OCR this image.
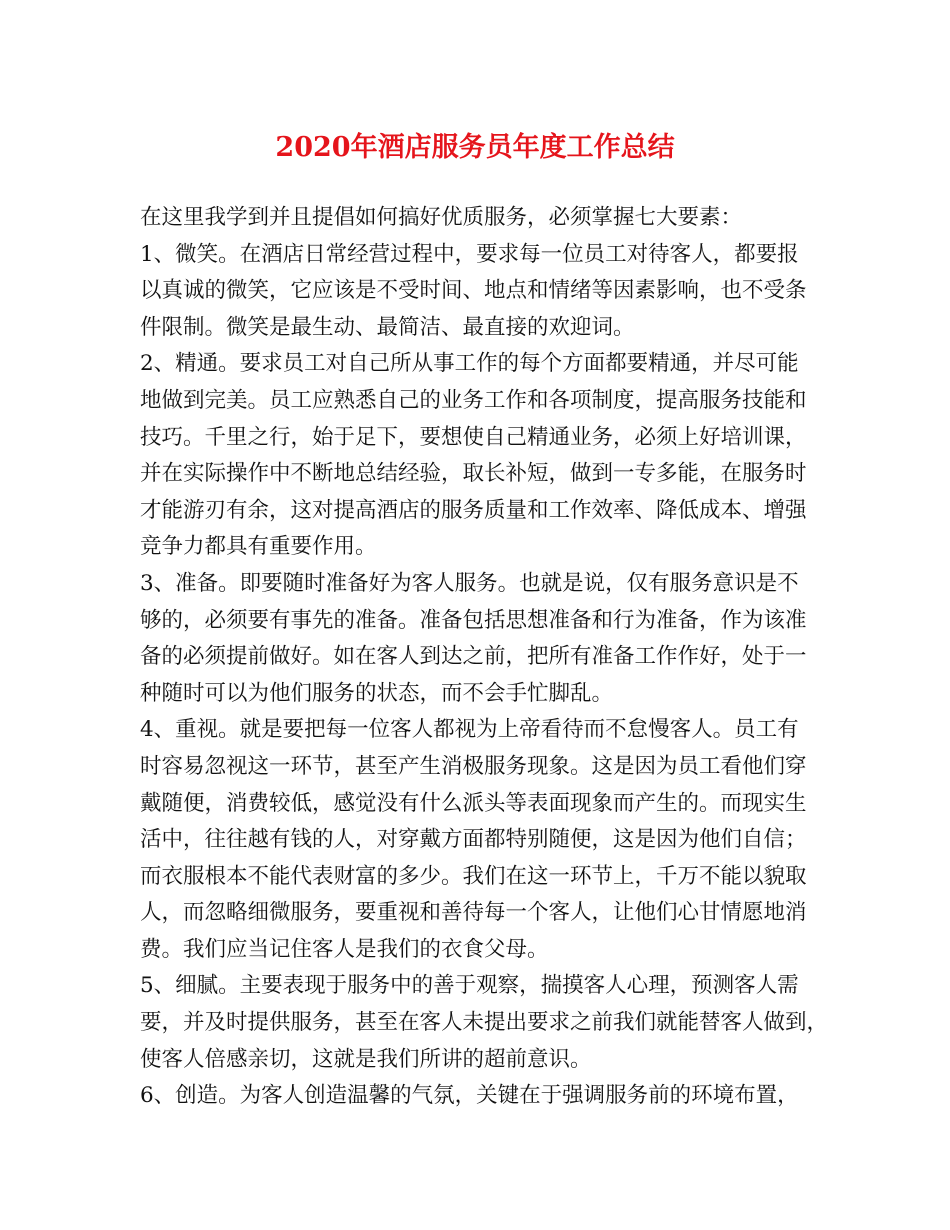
2020年酒店服务员年度工作总结
在这里我学到并且提倡如何搞好优质服务，必须掌握七大要素：
1、微笑。在酒店日常经营过程中，要求每一位员工对待客人，都要报
以真诚的微笑，它应该是不受时间、地点和情绪等因素影响，也不受条
件限制。微笑是最生动、最简洁、最直接的欢迎词。
2、精通。要求员工对自己所从事工作的每个方面都要精通，并尽可能
地做到完美。员工应熟悉自己的业务工作和各项制度，提高服务技能和
技巧。千里之行，始于足下，要想使自己精通业务，必须上好培训课，
并在实际操作中不断地总结经验，取长补短，做到一专多能，在服务时
才能游刃有余，这对提高酒店的服务质量和工作效率、降低成本、增强
竞争力都具有重要作用。
3、准备。即要随时准备好为客人服务。也就是说，仅有服务意识是不
够的，必须要有事先的准备。准备包括思想准备和行为准备，作为该准
备的必须提前做好。如在客人到达之前，把所有准备工作作好，处于一
种随时可以为他们服务的状态，而不会手忙脚乱。
4、重视。就是要把每一位客人都视为上帝看待而不怠慢客人。员工有
时容易忽视这一环节，甚至产生消极服务现象。这是因为员工看他们穿
戴随便，消费较低，感觉没有什么派头等表面现象而产生的。而现实生
活中，往往越有钱的人，对穿戴方面都特别随便，这是因为他们自信；
而衣服根本不能代表财富的多少。我们在这一环节上，千万不能以貌取
人，而忽略细微服务，要重视和善待每一个客人，让他们心甘情愿地消
费。我们应当记住客人是我们的衣食父母。
5、细腻。主要表现于服务中的善于观察，揣摸客人心理，预测客人需
要，并及时提供服务，甚至在客人未提出要求之前我们就能替客人做到，
使客人倍感亲切，这就是我们所讲的超前意识。
6、创造。为客人创造温馨的气氛，关键在于强调服务前的环境布置，
